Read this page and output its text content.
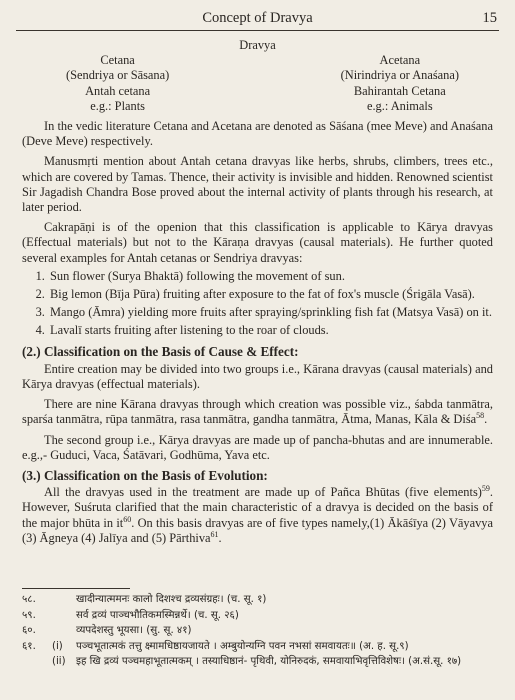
Concept of Dravya	15
Dravya
Cetana
(Sendriya or Sāsana)
Antah cetana
e.g.: Plants
Acetana
(Nirindriya or Anaśana)
Bahirantah Cetana
e.g.: Animals

In the vedic literature Cetana and Acetana are denoted as Sāśana (mee Meve) and Anaśana (Deve Meve) respectively.

Manusmṛti mention about Antah cetana dravyas like herbs, shrubs, climbers, trees etc., which are covered by Tamas. Thence, their activity is invisible and hidden. Renowned scientist Sir Jagadish Chandra Bose proved about the internal activity of plants through his research, at later period.

Cakrapāṇi is of the openion that this classification is applicable to Kārya dravyas (Effectual materials) but not to the Kāraṇa dravyas (causal materials). He further quoted several examples for Antah cetanas or Sendriya dravyas:

1. Sun flower (Surya Bhaktā) following the movement of sun.
2. Big lemon (Bīja Pūra) fruiting after exposure to the fat of fox's muscle (Śrigāla Vasā).
3. Mango (Āmra) yielding more fruits after spraying/sprinkling fish fat (Matsya Vasā) on it.
4. Lavalī starts fruiting after listening to the roar of clouds.
(2.) Classification on the Basis of Cause & Effect:

Entire creation may be divided into two groups i.e., Kārana dravyas (causal materials) and Kārya dravyas (effectual materials).

There are nine Kārana dravyas through which creation was possible viz., śabda tanmātra, sparśa tanmātra, rūpa tanmātra, rasa tanmātra, gandha tanmātra, Ātma, Manas, Kāla & Diśa$^{58}$.

The second group i.e., Kārya dravyas are made up of pancha-bhutas and are innumerable. e.g.,- Guduci, Vaca, Śatāvari, Godhūma, Yava etc.

(3.) Classification on the Basis of Evolution:

All the dravyas used in the treatment are made up of Pañca Bhūtas (five elements)$^{59}$. However, Suśruta clarified that the main characteristic of a dravya is decided on the basis of the major bhūta in $it^{60}$. On this basis dravyas are of five types namely,(1) Ākāśīya (2) Vāyavya (3) Āgneya (4) Jalīya and (5) Pārthiva$^{61}$.

५८.	खादीन्यात्ममनः कालो दिशश्च द्रव्यसंग्रहः। (च. सू. १)
५९.	सर्व द्रव्यं पाञ्चभौतिकमस्मिन्नर्थे। (च. सू. २६)
६०.	व्यपदेशस्तु भूयसा। (सु. सू. ४१)
६१.	(i)	पञ्चभूतात्मकं तत्तु क्ष्मामधिष्ठायजायते । अम्बुयोन्यग्नि पवन नभसां समवायतः॥ (अ. ह. सू.९)
(ii)	इह खि द्रव्यं पञ्चमहाभूतात्मकम् । तस्याधिष्ठानं- पृथिवी, योनिरुदकं, समवायाभिवृत्तिविशेषः। (अ.सं.सू. १७)
